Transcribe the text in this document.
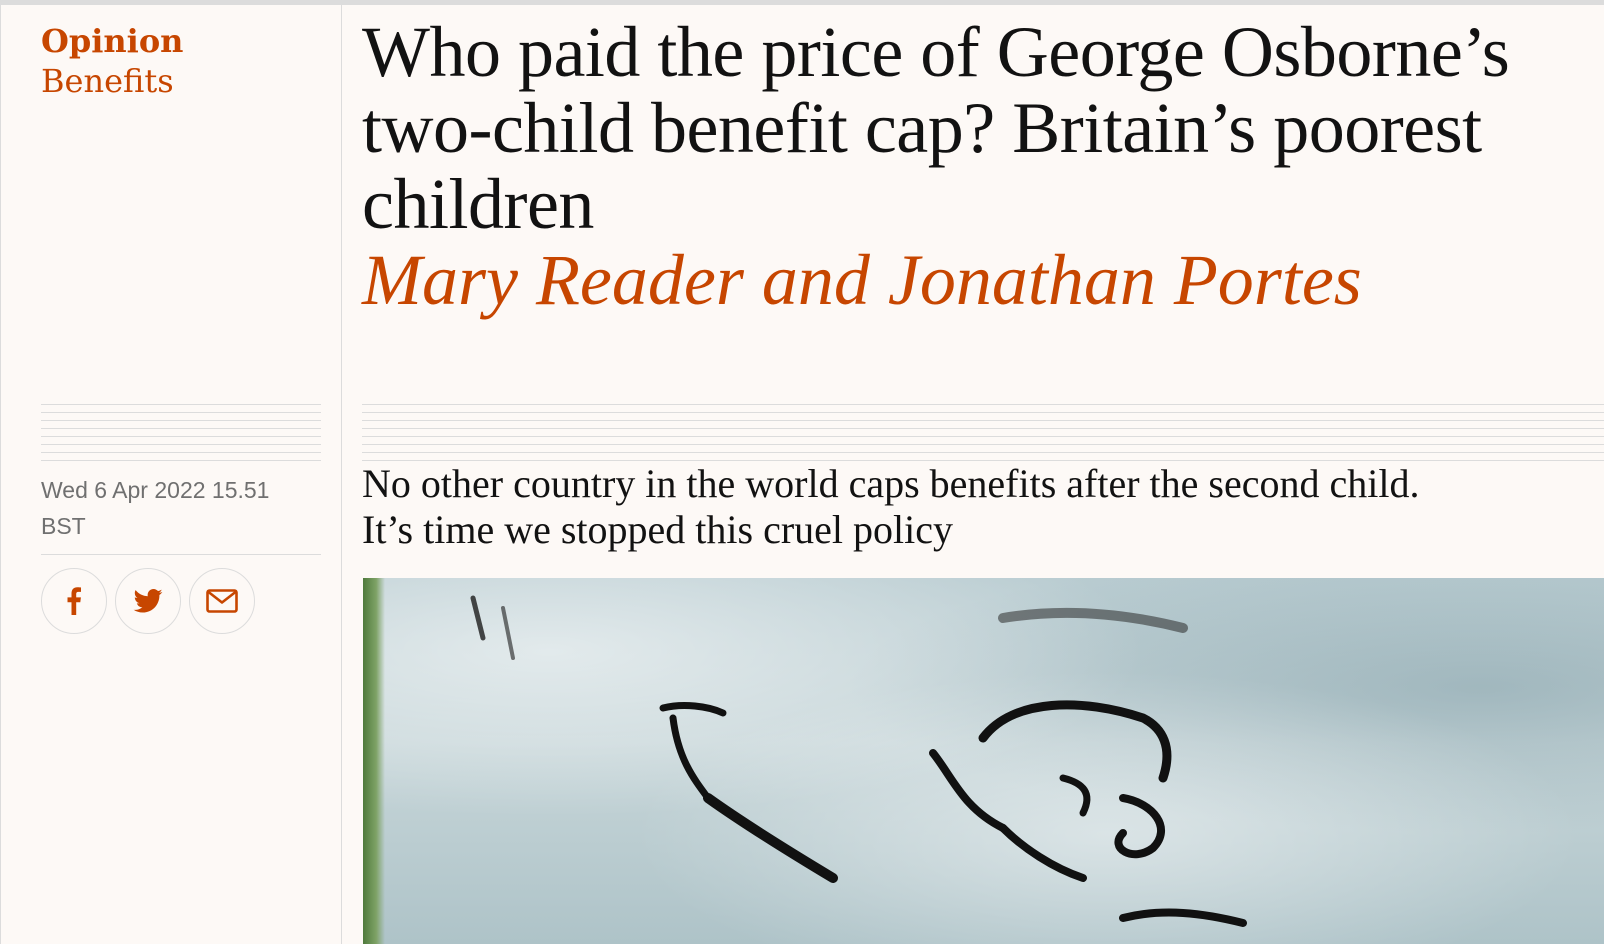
Opinion
Benefits	Who paid the price of George Osborne’s two-child benefit cap? Britain’s poorest children
Mary Reader and Jonathan Portes

Wed 6 Apr 2022 15.51 BST

No other country in the world caps benefits after the second child. It’s time we stopped this cruel policy
